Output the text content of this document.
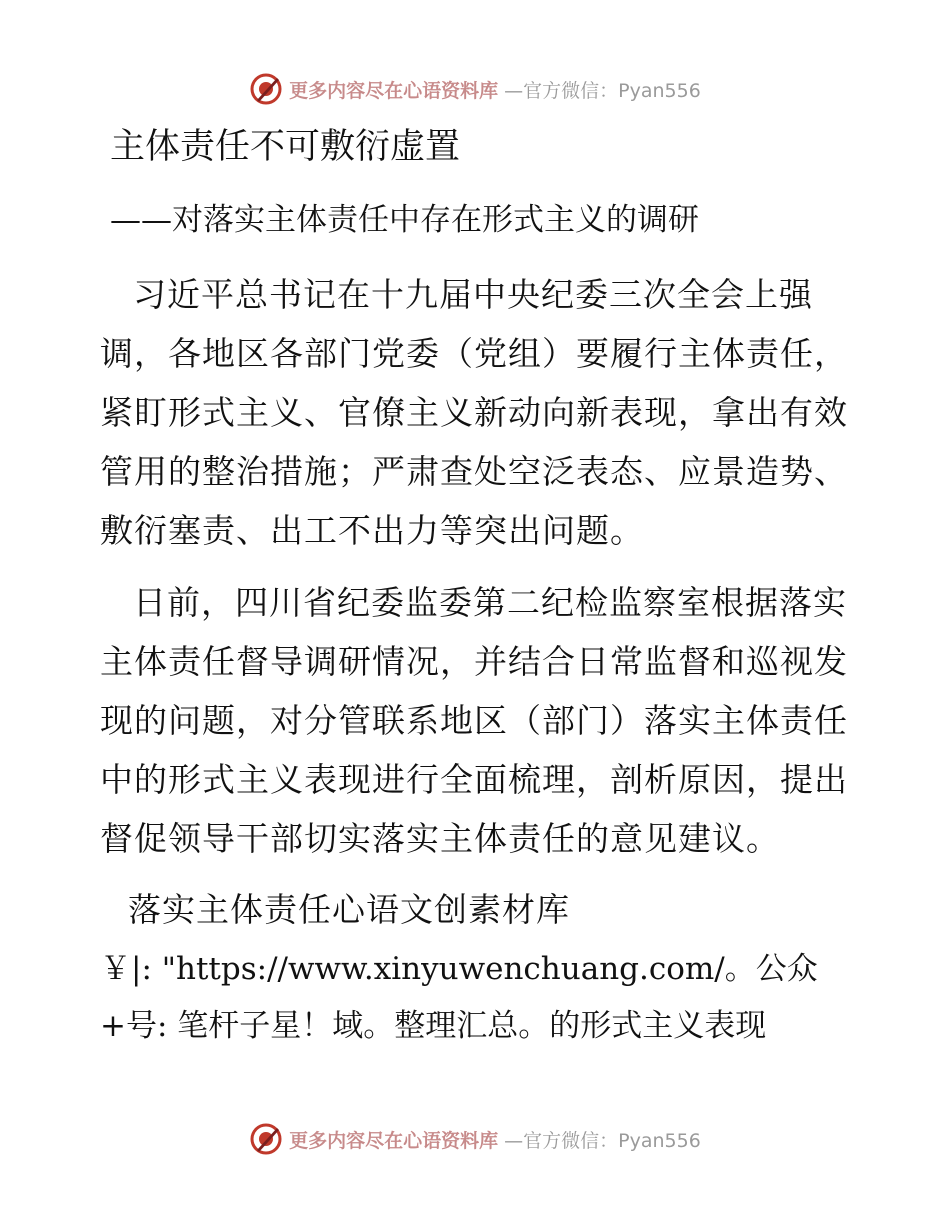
更多内容尽在心语资料库 —官方微信：Pyan556
主体责任不可敷衍虚置
——对落实主体责任中存在形式主义的调研

习近平总书记在十九届中央纪委三次全会上强调，各地区各部门党委（党组）要履行主体责任，紧盯形式主义、官僚主义新动向新表现，拿出有效管用的整治措施；严肃查处空泛表态、应景造势、敷衍塞责、出工不出力等突出问题。

日前，四川省纪委监委第二纪检监察室根据落实主体责任督导调研情况，并结合日常监督和巡视发现的问题，对分管联系地区（部门）落实主体责任中的形式主义表现进行全面梳理，剖析原因，提出督促领导干部切实落实主体责任的意见建议。

落实主体责任心语文创素材库
￥|: "https://www.xinyuwenchuang.com/。公众
+号: 笔杆子星！域。整理汇总。的形式主义表现
更多内容尽在心语资料库 —官方微信：Pyan556
